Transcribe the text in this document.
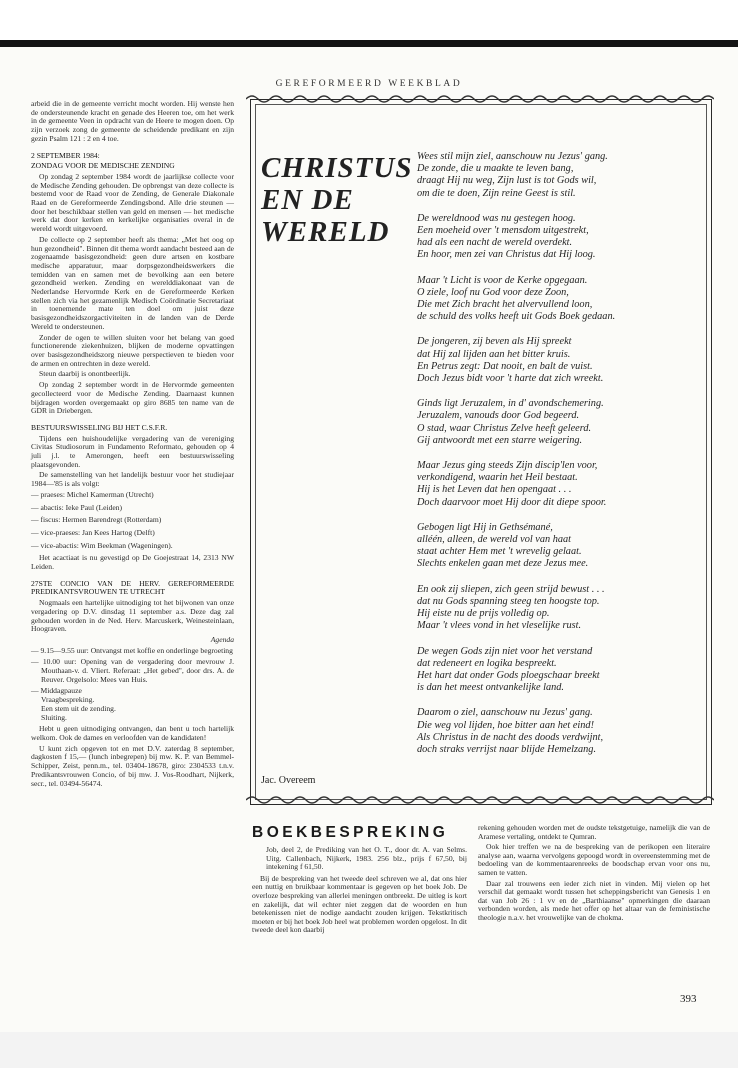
GEREFORMEERD WEEKBLAD

arbeid die in de gemeente verricht mocht worden. Hij wenste hen de ondersteunende kracht en genade des Heeren toe, om het werk in de gemeente Veen in opdracht van de Heere te mogen doen. Op zijn verzoek zong de gemeente de scheidende predikant en zijn gezin Psalm 121 : 2 en 4 toe.

2 SEPTEMBER 1984:
ZONDAG VOOR DE MEDISCHE ZENDING

Op zondag 2 september 1984 wordt de jaarlijkse collecte voor de Medische Zending gehouden. De opbrengst van deze collecte is bestemd voor de Raad voor de Zending, de Generale Diakonale Raad en de Gereformeerde Zendingsbond. Alle drie steunen — door het beschikbaar stellen van geld en mensen — het medische werk dat door kerken en kerkelijke organisaties overal in de wereld wordt uitgevoerd.

De collecte op 2 september heeft als thema: „Met het oog op hun gezondheid". Binnen dit thema wordt aandacht besteed aan de zogenaamde basisgezondheid: geen dure artsen en kostbare medische apparatuur, maar dorpsgezondheidswerkers die temidden van en samen met de bevolking aan een betere gezondheid werken. Zending en werelddiakonaat van de Nederlandse Hervormde Kerk en de Gereformeerde Kerken stellen zich via het gezamenlijk Medisch Coördinatie Secretariaat in toenemende mate ten doel om juist deze basisgezondheidszorgactiviteiten in de landen van de Derde Wereld te ondersteunen.

Zonder de ogen te willen sluiten voor het belang van goed functionerende ziekenhuizen, blijken de moderne opvattingen over basisgezondheidszorg nieuwe perspectieven te bieden voor de armen en ontrechten in deze wereld.

Steun daarbij is onontbeerlijk.

Op zondag 2 september wordt in de Hervormde gemeenten gecollecteerd voor de Medische Zending. Daarnaast kunnen bijdragen worden overgemaakt op giro 8685 ten name van de GDR in Driebergen.

BESTUURSWISSELING BIJ HET C.S.F.R.

Tijdens een huishoudelijke vergadering van de vereniging Civitas Studiosorum in Fundamento Reformato, gehouden op 4 juli j.l. te Amerongen, heeft een bestuurswisseling plaatsgevonden.

De samenstelling van het landelijk bestuur voor het studiejaar 1984—'85 is als volgt:

— praeses: Michel Kamerman (Utrecht)
— abactis: Ieke Paul (Leiden)
— fiscus: Hermen Barendregt (Rotterdam)
— vice-praeses: Jan Kees Hartog (Delft)
— vice-abactis: Wim Beekman (Wageningen).

Het acactiaat is nu gevestigd op De Goejestraat 14, 2313 NW Leiden.

27STE CONCIO VAN DE HERV. GEREFORMEERDE PREDIKANTSVROUWEN TE UTRECHT

Nogmaals een hartelijke uitnodiging tot het bijwonen van onze vergadering op D.V. dinsdag 11 september a.s. Deze dag zal gehouden worden in de Ned. Herv. Marcuskerk, Weinesteinlaan, Hoograven.

Agenda
— 9.15—9.55 uur: Ontvangst met koffie en onderlinge begroeting
— 10.00 uur: Opening van de vergadering door mevrouw J. Mouthaan-v. d. Vliert. Referaat: „Het gebed", door drs. A. de Reuver. Orgelsolo: Mees van Huis.
— Middagpauze
Vraagbespreking.
Een stem uit de zending.
Sluiting.

Hebt u geen uitnodiging ontvangen, dan bent u toch hartelijk welkom. Ook de dames en verloofden van de kandidaten!

U kunt zich opgeven tot en met D.V. zaterdag 8 september, dagkosten f 15,— (lunch inbegrepen) bij mw. K. P. van Bemmel-Schipper, Zeist, penn.m., tel. 03404-18678, giro: 2304533 t.n.v. Predikantsvrouwen Concio, of bij mw. J. Vos-Roodhart, Nijkerk, secr., tel. 03494-56474.

CHRISTUS
EN DE
WERELD
Wees stil mijn ziel, aanschouw nu Jezus' gang.
De zonde, die u maakte te leven bang,
draagt Hij nu weg, Zijn lust is tot Gods wil,
om die te doen, Zijn reine Geest is stil.
De wereldnood was nu gestegen hoog.
Een moeheid over 't mensdom uitgestrekt,
had als een nacht de wereld overdekt.
En hoor, men zei van Christus dat Hij loog.
Maar 't Licht is voor de Kerke opgegaan.
O ziele, loof nu God voor deze Zoon,
Die met Zich bracht het alvervullend loon,
de schuld des volks heeft uit Gods Boek gedaan.
De jongeren, zij beven als Hij spreekt
dat Hij zal lijden aan het bitter kruis.
En Petrus zegt: Dat nooit, en balt de vuist.
Doch Jezus bidt voor 't harte dat zich wreekt.
Ginds ligt Jeruzalem, in d' avondschemering.
Jeruzalem, vanouds door God begeerd.
O stad, waar Christus Zelve heeft geleerd.
Gij antwoordt met een starre weigering.
Maar Jezus ging steeds Zijn discip'len voor,
verkondigend, waarin het Heil bestaat.
Hij is het Leven dat hen opengaat . . .
Doch daarvoor moet Hij door dit diepe spoor.
Gebogen ligt Hij in Gethsémané,
alléén, alleen, de wereld vol van haat
staat achter Hem met 't wrevelig gelaat.
Slechts enkelen gaan met deze Jezus mee.
En ook zij sliepen, zich geen strijd bewust . . .
dat nu Gods spanning steeg ten hoogste top.
Hij eiste nu de prijs volledig op.
Maar 't vlees vond in het vleselijke rust.
De wegen Gods zijn niet voor het verstand
dat redeneert en logika bespreekt.
Het hart dat onder Gods ploegschaar breekt
is dan het meest ontvankelijke land.
Daarom o ziel, aanschouw nu Jezus' gang.
Die weg vol lijden, hoe bitter aan het eind!
Als Christus in de nacht des doods verdwijnt,
doch straks verrijst naar blijde Hemelzang.
Jac. Overeem
BOEKBESPREKING

Job, deel 2, de Prediking van het O. T., door dr. A. van Selms. Uitg. Callenbach, Nijkerk, 1983. 256 blz., prijs f 67,50, bij intekening f 61,50.

Bij de bespreking van het tweede deel schreven we al, dat ons hier een nuttig en bruikbaar kommentaar is gegeven op het boek Job. De overloze bespreking van allerlei meningen ontbreekt. De uitleg is kort en zakelijk, dat wil echter niet zeggen dat de woorden en hun betekenissen niet de nodige aandacht zouden krijgen. Tekstkritisch moeten er bij het boek Job heel wat problemen worden opgelost. In dit tweede deel kon daarbij

rekening gehouden worden met de oudste tekstgetuige, namelijk die van de Aramese vertaling, ontdekt te Qumran.

Ook hier treffen we na de bespreking van de perikopen een literaire analyse aan, waarna vervolgens gepoogd wordt in overeenstemming met de bedoeling van de kommentaarenreeks de boodschap ervan voor ons nu, samen te vatten.

Daar zal trouwens een ieder zich niet in vinden. Mij vielen op het verschil dat gemaakt wordt tussen het scheppingsbericht van Genesis 1 en dat van Job 26 : 1 vv en de „Barthiaanse" opmerkingen die daaraan verbonden worden, als mede het offer op het altaar van de feministische theologie n.a.v. het vrouwelijke van de chokma.

393
